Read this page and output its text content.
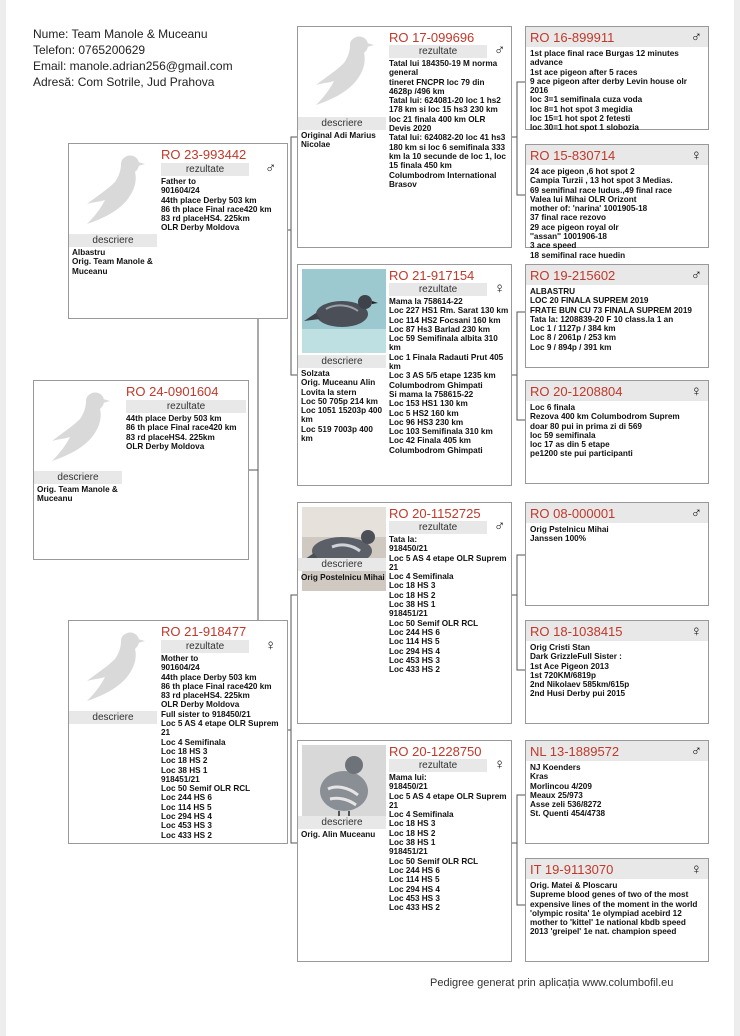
Nume: Team Manole & Muceanu
Telefon: 0765200629
Email: manole.adrian256@gmail.com
Adresă: Com Sotrile, Jud Prahova
descriere
Albastru
Orig. Team Manole & Muceanu
RO 23-993442
rezultate	♂
Father to
901604/24
44th place Derby 503 km
86 th place Final race420 km
83 rd placeHS4. 225km
OLR Derby Moldova
descriere
Orig. Team Manole & Muceanu
RO 24-0901604
rezultate
44th place Derby 503 km
86 th place Final race420 km
83 rd placeHS4. 225km
OLR Derby Moldova
descriere
RO 21-918477
rezultate	♀
Mother to
901604/24
44th place Derby 503 km
86 th place Final race420 km
83 rd placeHS4. 225km
OLR Derby Moldova
Full sister to 918450/21
Loc 5 AS 4 etape OLR Suprem 21
Loc 4 Semifinala
Loc 18 HS 3
Loc 18 HS 2
Loc 38 HS 1
918451/21
Loc 50 Semif OLR RCL
Loc 244 HS 6
Loc 114 HS 5
Loc 294 HS 4
Loc 453 HS 3
Loc 433 HS 2
descriere
Original Adi Marius Nicolae
RO 17-099696
rezultate	♂
Tatal lui 184350-19 M norma general
tineret FNCPR loc 79 din 4628p /496 km
Tatal lui: 624081-20 loc 1 hs2
178 km si loc 15 hs3 230 km
loc 21 finala 400 km OLR Devis 2020
Tatal lui: 624082-20 loc 41 hs3 180 km si loc 6 semifinala 333 km la 10 secunde de loc 1, loc 15 finala 450 km
Columbodrom International Brasov
descriere
Solzata
Orig. Muceanu Alin
Lovita la stern
Loc 50 705p 214 km
Loc 1051 15203p 400 km
Loc 519 7003p 400 km
RO 21-917154
rezultate	♀
Mama la 758614-22
Loc 227 HS1 Rm. Sarat 130 km
Loc 114 HS2 Focsani 160 km
Loc 87 Hs3 Barlad 230 km
Loc 59 Semifinala albita 310 km
Loc 1 Finala Radauti Prut 405 km
Loc 3 AS 5/5 etape 1235 km
Columbodrom Ghimpati
Si mama la 758615-22
Loc 153 HS1 130 km
Loc 5 HS2 160 km
Loc 96 HS3 230 km
Loc 103 Semifinala 310 km
Loc 42 Finala 405 km
Columbodrom Ghimpati
descriere
Orig Postelnicu Mihai
RO 20-1152725
rezultate	♂
Tata la:
918450/21
Loc 5 AS 4 etape OLR Suprem 21
Loc 4 Semifinala
Loc 18 HS 3
Loc 18 HS 2
Loc 38 HS 1
918451/21
Loc 50 Semif OLR RCL
Loc 244 HS 6
Loc 114 HS 5
Loc 294 HS 4
Loc 453 HS 3
Loc 433 HS 2
descriere
Orig. Alin Muceanu
RO 20-1228750
rezultate	♀
Mama lui:
918450/21
Loc 5 AS 4 etape OLR Suprem 21
Loc 4 Semifinala
Loc 18 HS 3
Loc 18 HS 2
Loc 38 HS 1
918451/21
Loc 50 Semif OLR RCL
Loc 244 HS 6
Loc 114 HS 5
Loc 294 HS 4
Loc 453 HS 3
Loc 433 HS 2
RO 16-899911	♂
1st place final race Burgas 12 minutes advance
1st ace pigeon after 5 races
9 ace pigeon after derby Levin house olr 2016
loc 3=1 semifinala cuza voda
loc 8=1 hot spot 3 megidia
loc 15=1 hot spot 2 fetesti
loc 30=1 hot spot 1 slobozia
RO 15-830714	♀
24 ace pigeon ,6 hot spot 2
Campia Turzii , 13 hot spot 3 Medias.
69 semifinal race ludus.,49 final race
Valea lui Mihai OLR Orizont
mother of: 'narina' 1001905-18
37 final race rezovo
29 ace pigeon royal olr
''assan'' 1001906-18
3 ace speed
18 semifinal race huedin
RO 19-215602	♂
ALBASTRU
LOC 20 FINALA SUPREM 2019
FRATE BUN CU 73 FINALA SUPREM 2019
Tata la: 1208839-20 F 10 class.la 1 an
Loc 1 / 1127p / 384 km
Loc 8 / 2061p / 253 km
Loc 9 / 894p / 391 km
RO 20-1208804	♀
Loc 6 finala
Rezova 400 km Columbodrom Suprem
doar 80 pui in prima zi di 569
loc 59 semifinala
loc 17 as din 5 etape
pe1200 ste pui participanti
RO 08-000001	♂
Orig Pstelnicu Mihai
Janssen 100%
RO 18-1038415	♀
Orig Cristi Stan
Dark GrizzleFull Sister :
1st Ace Pigeon 2013
1st 720KM/6819p
2nd Nikolaev 585km/615p
2nd Husi Derby pui 2015
NL 13-1889572	♂
NJ Koenders
Kras
Morlincou 4/209
Meaux 25/973
Asse zeli 536/8272
St. Quenti 454/4738
IT 19-9113070	♀
Orig. Matei & Ploscaru
Supreme blood genes of two of the most expensive lines of the moment in the world 'olympic rosita' 1e olympiad acebird 12 mother to 'kittel' 1e national kbdb speed 2013 'greipel' 1e nat. champion speed
Pedigree generat prin aplicația www.columbofil.eu
